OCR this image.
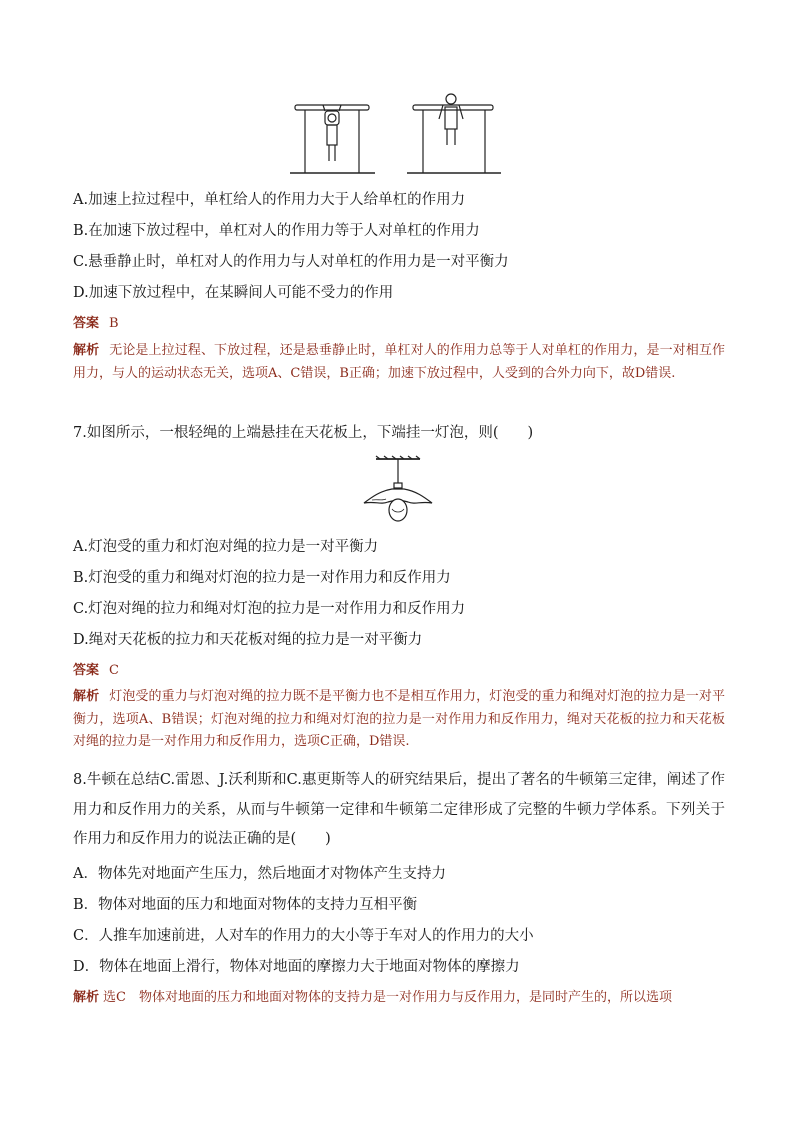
A.加速上拉过程中，单杠给人的作用力大于人给单杠的作用力
B.在加速下放过程中，单杠对人的作用力等于人对单杠的作用力
C.悬垂静止时，单杠对人的作用力与人对单杠的作用力是一对平衡力
D.加速下放过程中，在某瞬间人可能不受力的作用
答案 B
解析 无论是上拉过程、下放过程，还是悬垂静止时，单杠对人的作用力总等于人对单杠的作用力，是一对相互作用力，与人的运动状态无关，选项A、C错误，B正确；加速下放过程中，人受到的合外力向下，故D错误.
7.如图所示，一根轻绳的上端悬挂在天花板上，下端挂一灯泡，则(　　)
A.灯泡受的重力和灯泡对绳的拉力是一对平衡力
B.灯泡受的重力和绳对灯泡的拉力是一对作用力和反作用力
C.灯泡对绳的拉力和绳对灯泡的拉力是一对作用力和反作用力
D.绳对天花板的拉力和天花板对绳的拉力是一对平衡力
答案 C
解析 灯泡受的重力与灯泡对绳的拉力既不是平衡力也不是相互作用力，灯泡受的重力和绳对灯泡的拉力是一对平衡力，选项A、B错误；灯泡对绳的拉力和绳对灯泡的拉力是一对作用力和反作用力，绳对天花板的拉力和天花板对绳的拉力是一对作用力和反作用力，选项C正确，D错误.
8.牛顿在总结C.雷恩、J.沃利斯和C.惠更斯等人的研究结果后，提出了著名的牛顿第三定律，阐述了作用力和反作用力的关系，从而与牛顿第一定律和牛顿第二定律形成了完整的牛顿力学体系。下列关于作用力和反作用力的说法正确的是(　　)
A．物体先对地面产生压力，然后地面才对物体产生支持力
B．物体对地面的压力和地面对物体的支持力互相平衡
C．人推车加速前进，人对车的作用力的大小等于车对人的作用力的大小
D．物体在地面上滑行，物体对地面的摩擦力大于地面对物体的摩擦力
解析 选C　物体对地面的压力和地面对物体的支持力是一对作用力与反作用力，是同时产生的，所以选项
